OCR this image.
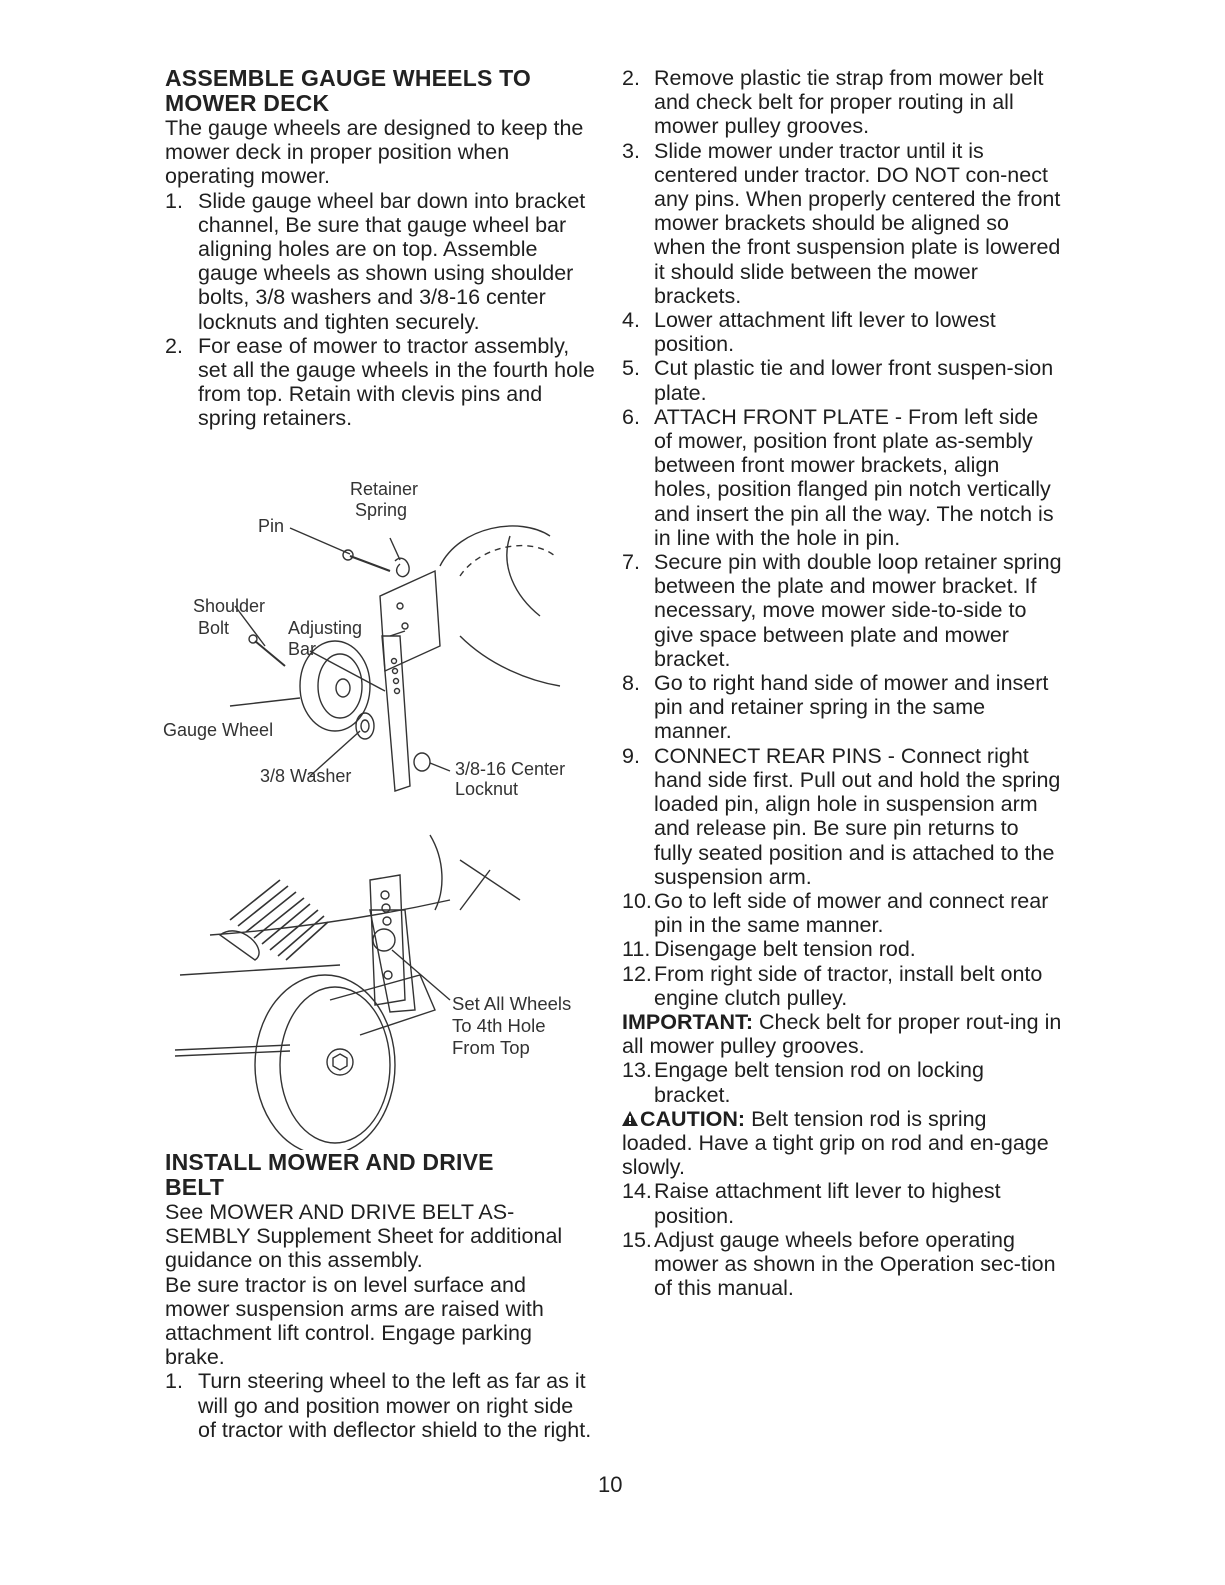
ASSEMBLE GAUGE WHEELS TO MOWER DECK

The gauge wheels are designed to keep the mower deck in proper position when operating mower.

1. Slide gauge wheel bar down into bracket channel, Be sure that gauge wheel bar aligning holes are on top. Assemble gauge wheels as shown using shoulder bolts, 3/8 washers and 3/8-16 center locknuts and tighten securely.
2. For ease of mower to tractor assembly, set all the gauge wheels in the fourth hole from top. Retain with clevis pins and spring retainers.
Retainer
Spring
Pin
Shoulder
Bolt	Adjusting
Bar
Gauge Wheel
3/8 Washer	3/8-16 Center
Locknut
Set All Wheels
To 4th Hole
From Top
INSTALL MOWER AND DRIVE BELT

See MOWER AND DRIVE BELT AS-SEMBLY Supplement Sheet for additional guidance on this assembly.

Be sure tractor is on level surface and mower suspension arms are raised with attachment lift control. Engage parking brake.

1. Turn steering wheel to the left as far as it will go and position mower on right side of tractor with deflector shield to the right.
2. Remove plastic tie strap from mower belt and check belt for proper routing in all mower pulley grooves.
3. Slide mower under tractor until it is centered under tractor. DO NOT con-nect any pins. When properly centered the front mower brackets should be aligned so when the front suspension plate is lowered it should slide between the mower brackets.
4. Lower attachment lift lever to lowest position.
5. Cut plastic tie and lower front suspen-sion plate.
6. ATTACH FRONT PLATE - From left side of mower, position front plate as-sembly between front mower brackets, align holes, position flanged pin notch vertically and insert the pin all the way. The notch is in line with the hole in pin.
7. Secure pin with double loop retainer spring between the plate and mower bracket. If necessary, move mower side-to-side to give space between plate and mower bracket.
8. Go to right hand side of mower and insert pin and retainer spring in the same manner.
9. CONNECT REAR PINS - Connect right hand side first. Pull out and hold the spring loaded pin, align hole in suspension arm and release pin. Be sure pin returns to fully seated position and is attached to the suspension arm.
10. Go to left side of mower and connect rear pin in the same manner.
11. Disengage belt tension rod.
12. From right side of tractor, install belt onto engine clutch pulley.

IMPORTANT: Check belt for proper rout-ing in all mower pulley grooves.

13. Engage belt tension rod on locking bracket.

CAUTION: Belt tension rod is spring loaded. Have a tight grip on rod and en-gage slowly.

14. Raise attachment lift lever to highest position.
15. Adjust gauge wheels before operating mower as shown in the Operation sec-tion of this manual.
10
